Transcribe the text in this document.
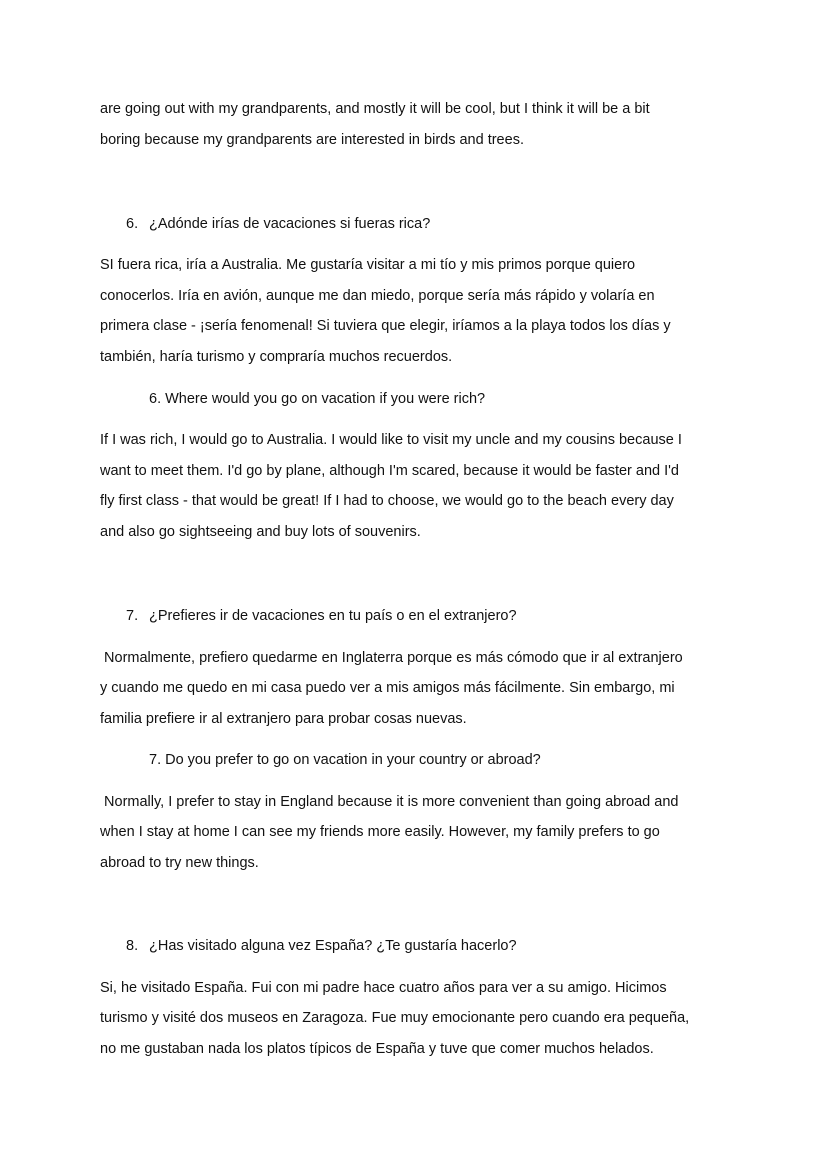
are going out with my grandparents, and mostly it will be cool, but I think it will be a bit
boring because my grandparents are interested in birds and trees.
6. ¿Adónde irías de vacaciones si fueras rica?
SI fuera rica, iría a Australia. Me gustaría visitar a mi tío y mis primos porque quiero
conocerlos. Iría en avión, aunque me dan miedo, porque sería más rápido y volaría en
primera clase - ¡sería fenomenal! Si tuviera que elegir, iríamos a la playa todos los días y
también, haría turismo y compraría muchos recuerdos.
6. Where would you go on vacation if you were rich?
If I was rich, I would go to Australia. I would like to visit my uncle and my cousins because I
want to meet them. I'd go by plane, although I'm scared, because it would be faster and I'd
fly first class - that would be great! If I had to choose, we would go to the beach every day
and also go sightseeing and buy lots of souvenirs.
7. ¿Prefieres ir de vacaciones en tu país o en el extranjero?
Normalmente, prefiero quedarme en Inglaterra porque es más cómodo que ir al extranjero
y cuando me quedo en mi casa puedo ver a mis amigos más fácilmente. Sin embargo, mi
familia prefiere ir al extranjero para probar cosas nuevas.
7. Do you prefer to go on vacation in your country or abroad?
Normally, I prefer to stay in England because it is more convenient than going abroad and
when I stay at home I can see my friends more easily. However, my family prefers to go
abroad to try new things.
8. ¿Has visitado alguna vez España? ¿Te gustaría hacerlo?
Si, he visitado España. Fui con mi padre hace cuatro años para ver a su amigo. Hicimos
turismo y visité dos museos en Zaragoza. Fue muy emocionante pero cuando era pequeña,
no me gustaban nada los platos típicos de España y tuve que comer muchos helados.
